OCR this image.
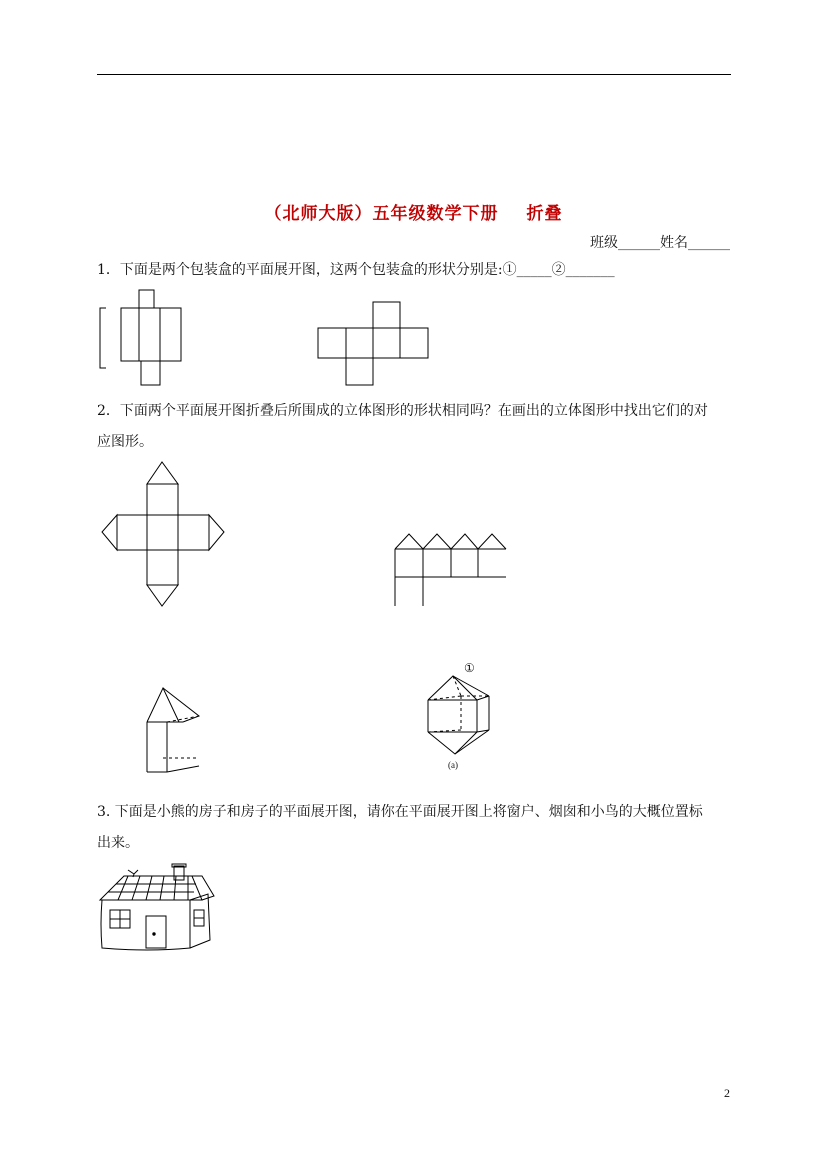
（北师大版）五年级数学下册 折叠
班级______姓名______
1．下面是两个包装盒的平面展开图，这两个包装盒的形状分别是:①_____②_______
2．下面两个平面展开图折叠后所围成的立体图形的形状相同吗？在画出的立体图形中找出它们的对
应图形。
①
(a)
3. 下面是小熊的房子和房子的平面展开图，请你在平面展开图上将窗户、烟囱和小鸟的大概位置标
出来。
2
